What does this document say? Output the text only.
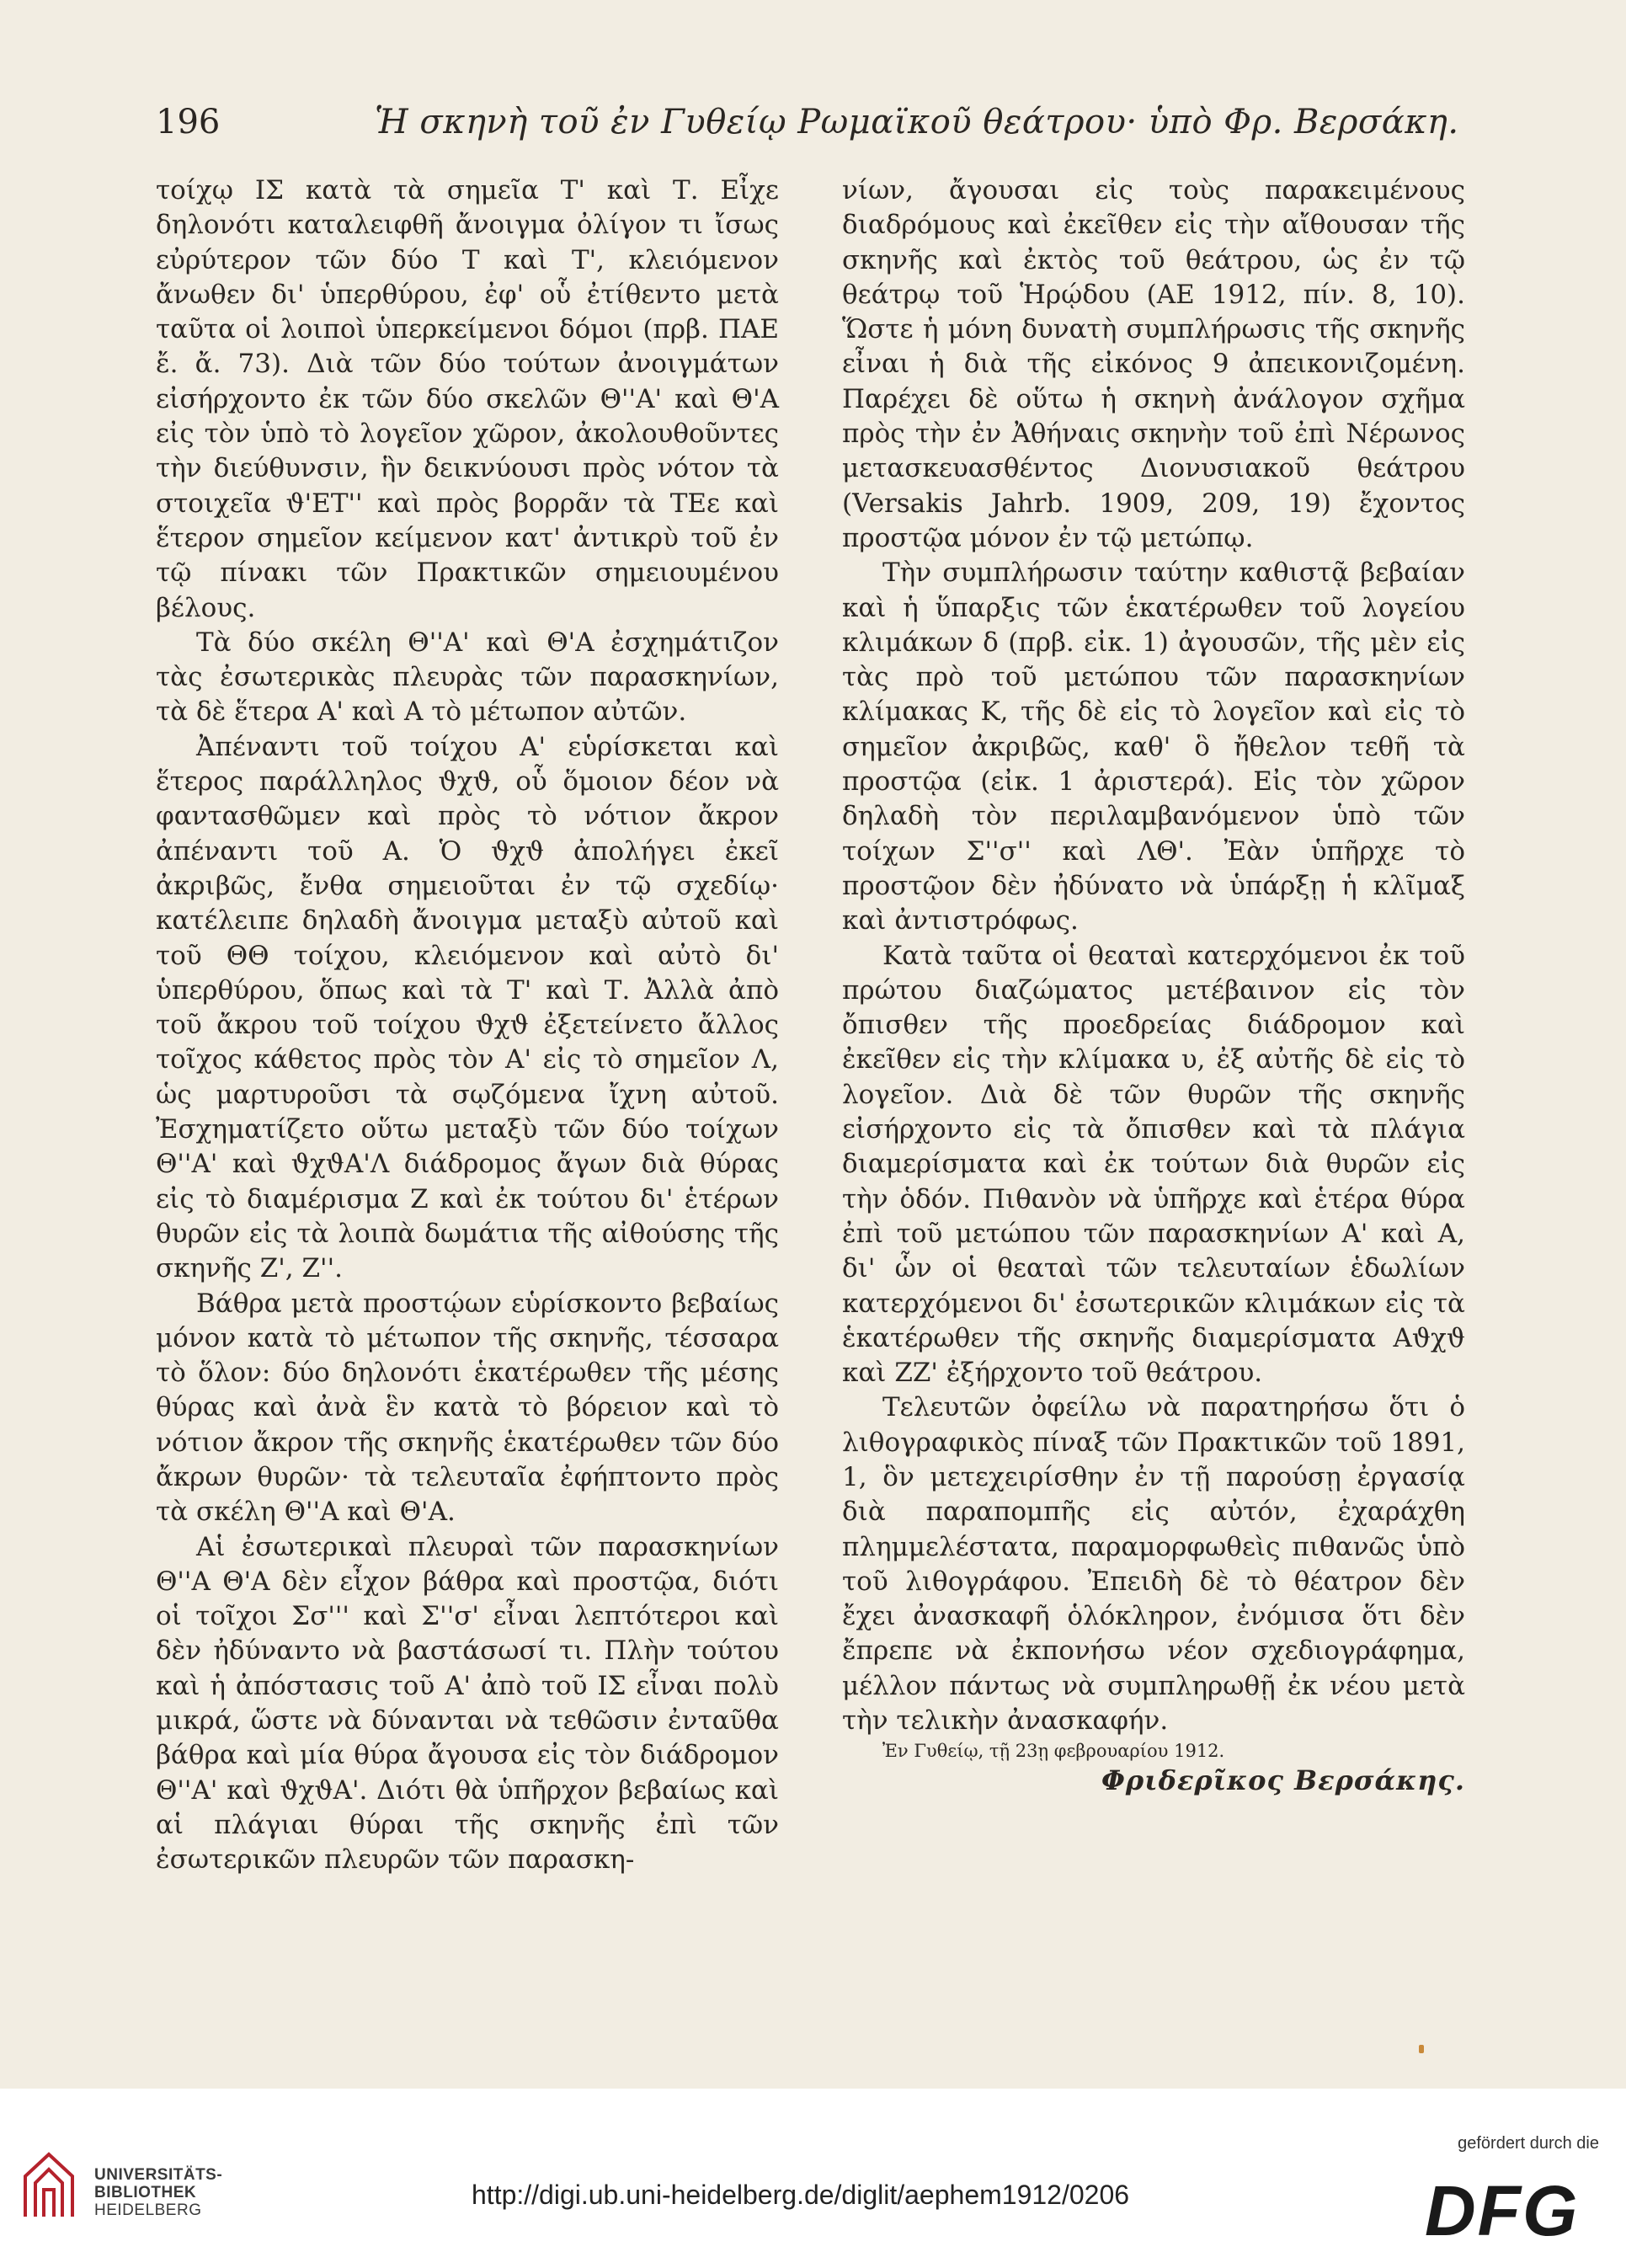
196	Ἡ σκηνὴ τοῦ ἐν Γυθείῳ Ρωμαϊκοῦ θεάτρου· ὑπὸ Φρ. Βερσάκη.

τοίχῳ ΙΣ κατὰ τὰ σημεῖα Τ' καὶ Τ. Εἶχε δηλονότι καταλειφθῆ ἄνοιγμα ὀλίγον τι ἴσως εὐρύτερον τῶν δύο Τ καὶ Τ', κλειόμενον ἄνωθεν δι' ὑπερθύρου, ἐφ' οὗ ἐτίθεντο μετὰ ταῦτα οἱ λοιποὶ ὑπερκείμενοι δόμοι (πρβ. ΠΑΕ ἔ. ἄ. 73). Διὰ τῶν δύο τούτων ἀνοιγμάτων εἰσήρχοντο ἐκ τῶν δύο σκελῶν Θ''Α' καὶ Θ'Α εἰς τὸν ὑπὸ τὸ λογεῖον χῶρον, ἀκολουθοῦντες τὴν διεύθυνσιν, ἣν δεικνύουσι πρὸς νότον τὰ στοιχεῖα ϑ'ΕΤ'' καὶ πρὸς βορρᾶν τὰ ΤΕε καὶ ἕτερον σημεῖον κείμενον κατ' ἀντικρὺ τοῦ ἐν τῷ πίνακι τῶν Πρακτικῶν σημειουμένου βέλους.

Τὰ δύο σκέλη Θ''Α' καὶ Θ'Α ἐσχημάτιζον τὰς ἐσωτερικὰς πλευρὰς τῶν παρασκηνίων, τὰ δὲ ἕτερα Α' καὶ Α τὸ μέτωπον αὐτῶν.

Ἀπέναντι τοῦ τοίχου Α' εὑρίσκεται καὶ ἕτερος παράλληλος ϑχϑ, οὗ ὅμοιον δέον νὰ φαντασθῶμεν καὶ πρὸς τὸ νότιον ἄκρον ἀπέναντι τοῦ Α. Ὁ ϑχϑ ἀπολήγει ἐκεῖ ἀκριβῶς, ἔνθα σημειοῦται ἐν τῷ σχεδίῳ· κατέλειπε δηλαδὴ ἄνοιγμα μεταξὺ αὐτοῦ καὶ τοῦ ΘΘ τοίχου, κλειόμενον καὶ αὐτὸ δι' ὑπερθύρου, ὅπως καὶ τὰ Τ' καὶ Τ. Ἀλλὰ ἀπὸ τοῦ ἄκρου τοῦ τοίχου ϑχϑ ἐξετείνετο ἄλλος τοῖχος κάθετος πρὸς τὸν Α' εἰς τὸ σημεῖον Λ, ὡς μαρτυροῦσι τὰ σῳζόμενα ἴχνη αὐτοῦ. Ἐσχηματίζετο οὕτω μεταξὺ τῶν δύο τοίχων Θ''Α' καὶ ϑχϑΑ'Λ διάδρομος ἄγων διὰ θύρας εἰς τὸ διαμέρισμα Ζ καὶ ἐκ τούτου δι' ἑτέρων θυρῶν εἰς τὰ λοιπὰ δωμάτια τῆς αἰθούσης τῆς σκηνῆς Ζ', Ζ''.

Βάθρα μετὰ προστῴων εὑρίσκοντο βεβαίως μόνον κατὰ τὸ μέτωπον τῆς σκηνῆς, τέσσαρα τὸ ὅλον: δύο δηλονότι ἑκατέρωθεν τῆς μέσης θύρας καὶ ἀνὰ ἓν κατὰ τὸ βόρειον καὶ τὸ νότιον ἄκρον τῆς σκηνῆς ἑκατέρωθεν τῶν δύο ἄκρων θυρῶν· τὰ τελευταῖα ἐφήπτοντο πρὸς τὰ σκέλη Θ''Α καὶ Θ'Α.

Αἱ ἐσωτερικαὶ πλευραὶ τῶν παρασκηνίων Θ''Α Θ'Α δὲν εἶχον βάθρα καὶ προστῷα, διότι οἱ τοῖχοι Σσ''' καὶ Σ''σ' εἶναι λεπτότεροι καὶ δὲν ἠδύναντο νὰ βαστάσωσί τι. Πλὴν τούτου καὶ ἡ ἀπόστασις τοῦ Α' ἀπὸ τοῦ ΙΣ εἶναι πολὺ μικρά, ὥστε νὰ δύνανται νὰ τεθῶσιν ἐνταῦθα βάθρα καὶ μία θύρα ἄγουσα εἰς τὸν διάδρομον Θ''Α' καὶ ϑχϑΑ'. Διότι θὰ ὑπῆρχον βεβαίως καὶ αἱ πλάγιαι θύραι τῆς σκηνῆς ἐπὶ τῶν ἐσωτερικῶν πλευρῶν τῶν παρασκη-

νίων, ἄγουσαι εἰς τοὺς παρακειμένους διαδρόμους καὶ ἐκεῖθεν εἰς τὴν αἴθουσαν τῆς σκηνῆς καὶ ἐκτὸς τοῦ θεάτρου, ὡς ἐν τῷ θεάτρῳ τοῦ Ἡρῴδου (ΑΕ 1912, πίν. 8, 10). Ὥστε ἡ μόνη δυνατὴ συμπλήρωσις τῆς σκηνῆς εἶναι ἡ διὰ τῆς εἰκόνος 9 ἀπεικονιζομένη. Παρέχει δὲ οὕτω ἡ σκηνὴ ἀνάλογον σχῆμα πρὸς τὴν ἐν Ἀθήναις σκηνὴν τοῦ ἐπὶ Νέρωνος μετασκευασθέντος Διονυσιακοῦ θεάτρου (Versakis Jahrb. 1909, 209, 19) ἔχοντος προστῷα μόνον ἐν τῷ μετώπῳ.

Τὴν συμπλήρωσιν ταύτην καθιστᾷ βεβαίαν καὶ ἡ ὕπαρξις τῶν ἑκατέρωθεν τοῦ λογείου κλιμάκων δ (πρβ. εἰκ. 1) ἀγουσῶν, τῆς μὲν εἰς τὰς πρὸ τοῦ μετώπου τῶν παρασκηνίων κλίμακας Κ, τῆς δὲ εἰς τὸ λογεῖον καὶ εἰς τὸ σημεῖον ἀκριβῶς, καθ' ὃ ἤθελον τεθῆ τὰ προστῷα (εἰκ. 1 ἀριστερά). Εἰς τὸν χῶρον δηλαδὴ τὸν περιλαμβανόμενον ὑπὸ τῶν τοίχων Σ''σ'' καὶ ΛΘ'. Ἐὰν ὑπῆρχε τὸ προστῷον δὲν ἠδύνατο νὰ ὑπάρξῃ ἡ κλῖμαξ καὶ ἀντιστρόφως.

Κατὰ ταῦτα οἱ θεαταὶ κατερχόμενοι ἐκ τοῦ πρώτου διαζώματος μετέβαινον εἰς τὸν ὄπισθεν τῆς προεδρείας διάδρομον καὶ ἐκεῖθεν εἰς τὴν κλίμακα υ, ἐξ αὐτῆς δὲ εἰς τὸ λογεῖον. Διὰ δὲ τῶν θυρῶν τῆς σκηνῆς εἰσήρχοντο εἰς τὰ ὄπισθεν καὶ τὰ πλάγια διαμερίσματα καὶ ἐκ τούτων διὰ θυρῶν εἰς τὴν ὁδόν. Πιθανὸν νὰ ὑπῆρχε καὶ ἑτέρα θύρα ἐπὶ τοῦ μετώπου τῶν παρασκηνίων Α' καὶ Α, δι' ὧν οἱ θεαταὶ τῶν τελευταίων ἑδωλίων κατερχόμενοι δι' ἐσωτερικῶν κλιμάκων εἰς τὰ ἑκατέρωθεν τῆς σκηνῆς διαμερίσματα Αϑχϑ καὶ ΖΖ' ἐξήρχοντο τοῦ θεάτρου.

Τελευτῶν ὀφείλω νὰ παρατηρήσω ὅτι ὁ λιθογραφικὸς πίναξ τῶν Πρακτικῶν τοῦ 1891, 1, ὃν μετεχειρίσθην ἐν τῇ παρούσῃ ἐργασίᾳ διὰ παραπομπῆς εἰς αὐτόν, ἐχαράχθη πλημμελέστατα, παραμορφωθεὶς πιθανῶς ὑπὸ τοῦ λιθογράφου. Ἐπειδὴ δὲ τὸ θέατρον δὲν ἔχει ἀνασκαφῆ ὁλόκληρον, ἐνόμισα ὅτι δὲν ἔπρεπε νὰ ἐκπονήσω νέον σχεδιογράφημα, μέλλον πάντως νὰ συμπληρωθῇ ἐκ νέου μετὰ τὴν τελικὴν ἀνασκαφήν.

Ἐν Γυθείῳ, τῇ 23ῃ φεβρουαρίου 1912.

Φριδερῖκος Βερσάκης.

UNIVERSITÄTS-
BIBLIOTHEK
HEIDELBERG
http://digi.ub.uni-heidelberg.de/diglit/aephem1912/0206
gefördert durch die
DFG
